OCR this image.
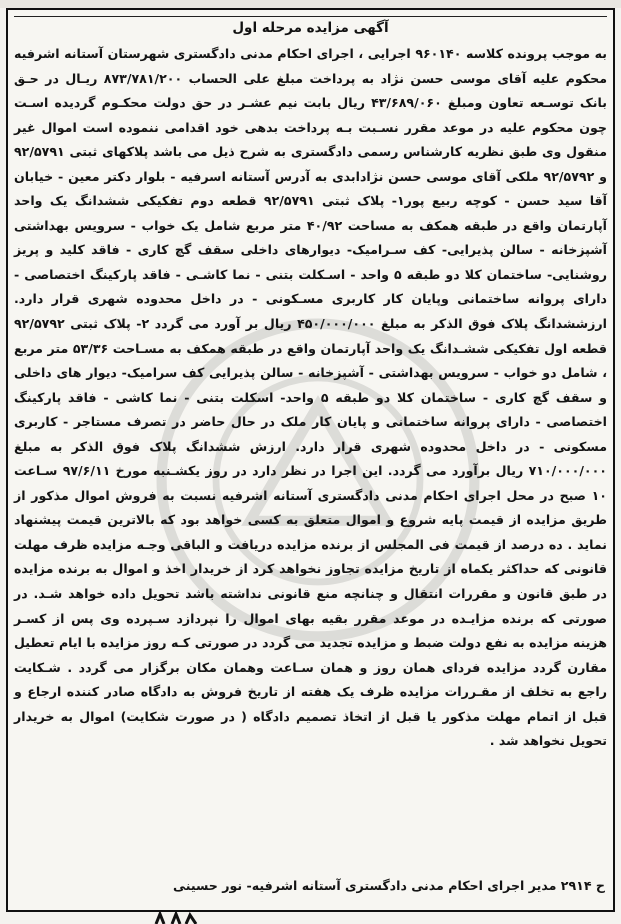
آگهی مزایده مرحله اول
به موجب پرونده کلاسه ۹۶۰۱۴۰ اجرایی ، اجرای احکام مدنی دادگستری شهرستان آستانه اشرفیه محکوم علیه آقای موسی حسن نژاد به پرداخت مبلغ علی الحساب ۸۷۳/۷۸۱/۲۰۰ ریـال در حـق بانک توسـعه تعاون ومبلغ ۴۳/۶۸۹/۰۶۰ ریال بابت نیم عشـر در حق دولت محکـوم گردیده اسـت چون محکوم علیه در موعد مقرر نسـبت بـه پرداخت بدهی خود اقدامی ننموده است اموال غیر منقول وی طبق نظریه کارشناس رسمی دادگستری به شرح ذیل می باشد پلاکهای ثبتی ۹۲/۵۷۹۱ و ۹۲/۵۷۹۲ ملکی آقای موسی حسن نژادابدی به آدرس آستانه اسرفیه - بلوار دکتر معین - خیابان آقا سید حسن - کوچه ربیع پور۱- پلاک ثبتی ۹۲/۵۷۹۱ قطعه دوم تفکیکی ششدانگ یک واحد آپارتمان واقع در طبقه همکف به مساحت ۴۰/۹۲ متر مربع شامل یک خواب - سرویس بهداشتی آشپزخانه - سالن پذیرایی- کف سـرامیک- دیوارهای داخلی سقف گچ کاری - فاقد کلید و پریز روشنایی- ساختمان کلا دو طبقه ۵ واحد - اسـکلت بتنی - نما کاشـی - فاقد پارکینگ اختصاصی - دارای پروانه ساختمانی وپایان کار کاربری مسـکونی - در داخل محدوده شهری قرار دارد. ارزششدانگ پلاک فوق الذکر به مبلغ ۴۵۰/۰۰۰/۰۰۰ ریال بر آورد می گردد ۲- پلاک ثبتی ۹۲/۵۷۹۲ قطعه اول تفکیکی ششـدانگ یک واحد آپارتمان واقع در طبقه همکف به مسـاحت ۵۳/۳۶ متر مربع ، شامل دو خواب - سرویس بهداشتی - آشپزخانه - سالن پذیرایی کف سرامیک- دیوار های داخلی و سقف گچ کاری - ساختمان کلا دو طبقه ۵ واحد- اسکلت بتنی - نما کاشی - فاقد پارکینگ اختصاصی - دارای پروانه ساختمانی و پایان کار ملک در حال حاضر در تصرف مستاجر - کاربری مسکونی - در داخل محدوده شهری قرار دارد. ارزش ششدانگ پلاک فوق الذکر به مبلغ ۷۱۰/۰۰۰/۰۰۰ ریال برآورد می گردد. این اجرا در نظر دارد در روز یکشـنبه مورخ ۹۷/۶/۱۱ سـاعت ۱۰ صبح در محل اجرای احکام مدنی دادگستری آستانه اشرفیه نسبت به فروش اموال مذکور از طریق مزایده از قیمت پایه شروع و اموال متعلق به کسی خواهد بود که بالاترین قیمت پیشنهاد نماید . ده درصد از قیمت فی المجلس از برنده مزایده دریافت و الباقی وجـه مزایده ظرف مهلت قانونی که حداکثر یکماه از تاریخ مزایده تجاوز نخواهد کرد از خریدار اخذ و اموال به برنده مزایده در طبق قانون و مقررات انتقال و چنانچه منع قانونی نداشته باشد تحویل داده خواهد شـد. در صورتی که برنده مزایـده در موعد مقرر بقیه بهای اموال را نپردازد سـپرده وی پس از کسـر هزینه مزایده به نفع دولت ضبط و مزایده تجدید می گردد در صورتی کـه روز مزایده با ایام تعطیل مقارن گردد مزایده فردای همان روز و همان سـاعت وهمان مکان برگزار می گردد . شـکایت راجع به تخلف از مقـررات مزایده ظرف یک هفته از تاریخ فروش به دادگاه صادر کننده ارجاع و قبل از اتمام مهلت مذکور یا قبل از اتخاذ تصمیم دادگاه ( در صورت شکایت) اموال به خریدار تحویل نخواهد شد .
ح ۲۹۱۴ مدیر اجرای احکام مدنی دادگستری آستانه اشرفیه- نور حسینی
